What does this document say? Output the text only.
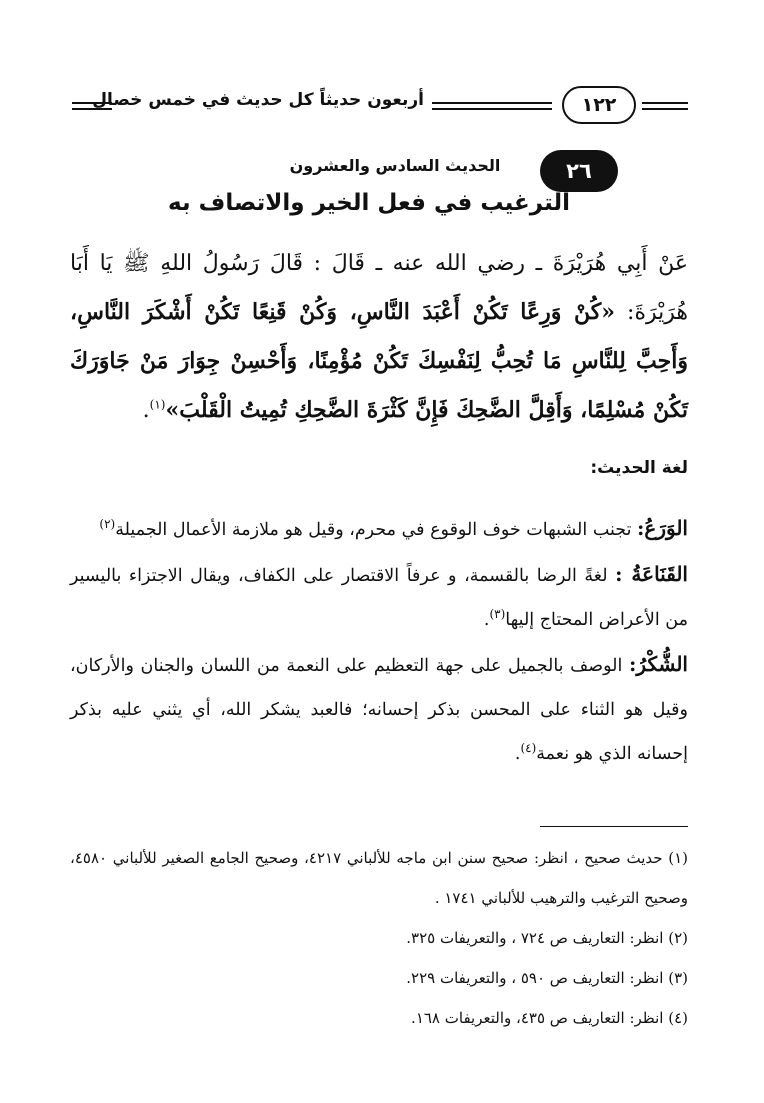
أربعون حديثاً كل حديث في خمس خصال	١٢٢
٢٦
الحديث السادس والعشرون
الترغيب في فعل الخير والاتصاف به
عَنْ أَبِي هُرَيْرَةَ ـ رضي الله عنه ـ قَالَ : قَالَ رَسُولُ اللهِ ﷺ يَا أَبَا هُرَيْرَةَ: «كُنْ وَرِعًا تَكُنْ أَعْبَدَ النَّاسِ، وَكُنْ قَنِعًا تَكُنْ أَشْكَرَ النَّاسِ، وَأَحِبَّ لِلنَّاسِ مَا تُحِبُّ لِنَفْسِكَ تَكُنْ مُؤْمِنًا، وَأَحْسِنْ جِوَارَ مَنْ جَاوَرَكَ تَكُنْ مُسْلِمًا، وَأَقِلَّ الضَّحِكَ فَإِنَّ كَثْرَةَ الضَّحِكِ تُمِيتُ الْقَلْبَ»$^{(١)}$.
لغة الحديث:

الوَرَعُ: تجنب الشبهات خوف الوقوع في محرم، وقيل هو ملازمة الأعمال الجميلة$^{(٢)}$

القَنَاعَةُ : لغةً الرضا بالقسمة، و عرفاً الاقتصار على الكفاف، ويقال الاجتزاء باليسير من الأعراض المحتاج إليها$^{(٣)}$.

الشُّكْرُ: الوصف بالجميل على جهة التعظيم على النعمة من اللسان والجنان والأركان، وقيل هو الثناء على المحسن بذكر إحسانه؛ فالعبد يشكر الله، أي يثني عليه بذكر إحسانه الذي هو نعمة$^{(٤)}$.

(١) حديث صحيح ، انظر: صحيح سنن ابن ماجه للألباني ٤٢١٧، وصحيح الجامع الصغير للألباني ٤٥٨٠، وصحيح الترغيب والترهيب للألباني ١٧٤١ .

(٢) انظر: التعاريف ص ٧٢٤ ، والتعريفات ٣٢٥.

(٣) انظر: التعاريف ص ٥٩٠ ، والتعريفات ٢٢٩.

(٤) انظر: التعاريف ص ٤٣٥، والتعريفات ١٦٨.
